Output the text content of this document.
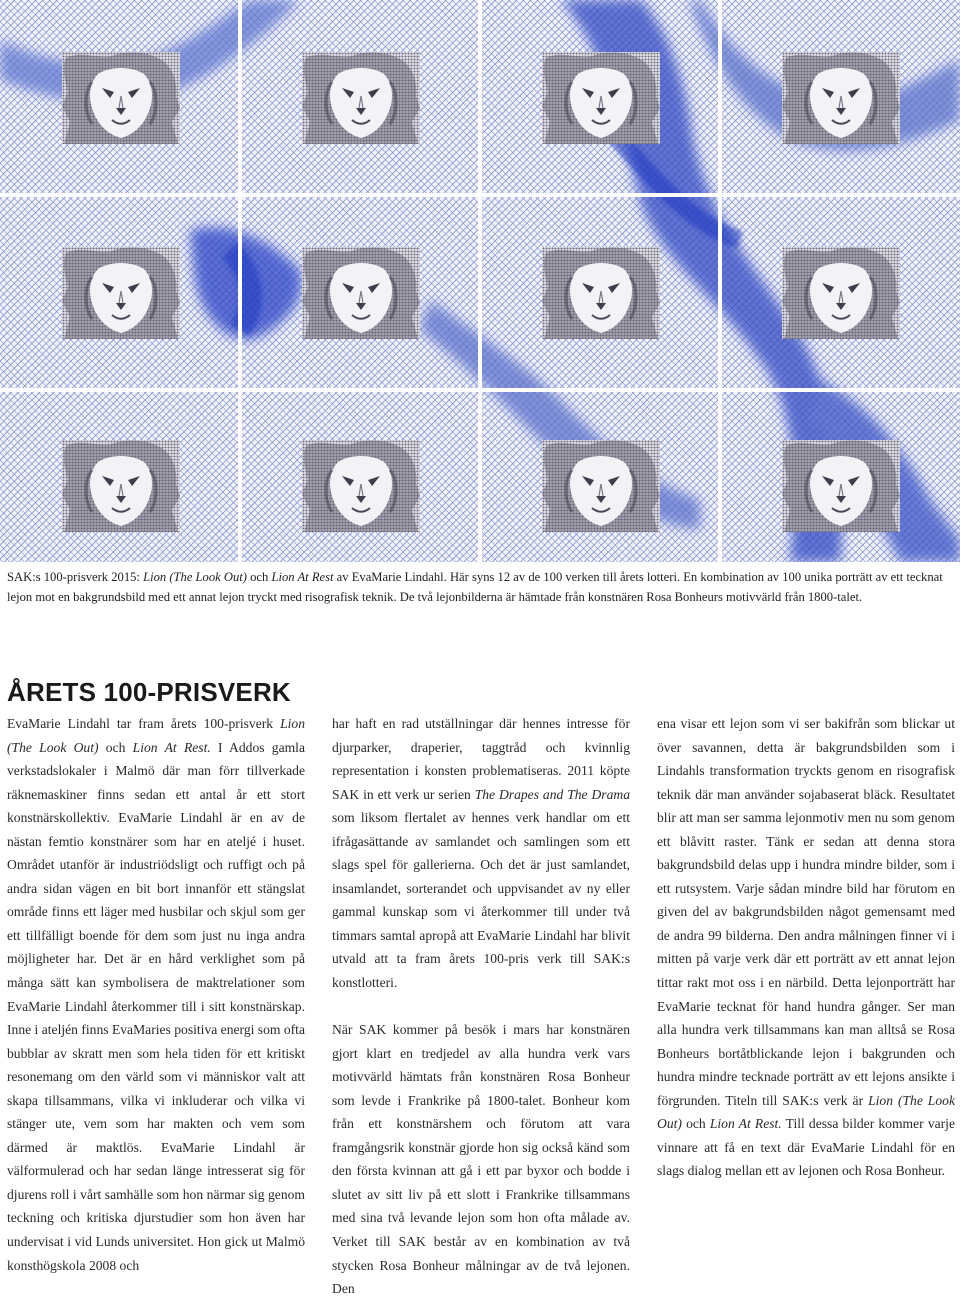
SAK:s 100-prisverk 2015: Lion (The Look Out) och Lion At Rest av EvaMarie Lindahl. Här syns 12 av de 100 verken till årets lotteri. En kombination av 100 unika porträtt av ett tecknat lejon mot en bakgrundsbild med ett annat lejon tryckt med risografisk teknik. De två lejonbilderna är hämtade från konstnären Rosa Bonheurs motivvärld från 1800-talet.
ÅRETS 100-PRISVERK

EvaMarie Lindahl tar fram årets 100-prisverk Lion (The Look Out) och Lion At Rest. I Addos gamla verkstadslokaler i Malmö där man förr tillverkade räknemaskiner finns sedan ett antal år ett stort konstnärskollektiv. EvaMarie Lindahl är en av de nästan femtio konstnärer som har en ateljé i huset. Området utanför är industriödsligt och ruffigt och på andra sidan vägen en bit bort innanför ett stängslat område finns ett läger med husbilar och skjul som ger ett tillfälligt boende för dem som just nu inga andra möjligheter har. Det är en hård verklighet som på många sätt kan symbolisera de maktrelationer som EvaMarie Lindahl återkommer till i sitt konstnärskap. Inne i ateljén finns EvaMaries positiva energi som ofta bubblar av skratt men som hela tiden för ett kritiskt resonemang om den värld som vi människor valt att skapa tillsammans, vilka vi inkluderar och vilka vi stänger ute, vem som har makten och vem som därmed är maktlös. EvaMarie Lindahl är välformulerad och har sedan länge intresserat sig för djurens roll i vårt samhälle som hon närmar sig genom teckning och kritiska djurstudier som hon även har undervisat i vid Lunds universitet. Hon gick ut Malmö konsthögskola 2008 och

har haft en rad utställningar där hennes intresse för djurparker, draperier, taggtråd och kvinnlig representation i konsten problematiseras. 2011 köpte SAK in ett verk ur serien The Drapes and The Drama som liksom flertalet av hennes verk handlar om ett ifrågasättande av samlandet och samlingen som ett slags spel för gallerierna. Och det är just samlandet, insamlandet, sorterandet och uppvisandet av ny eller gammal kunskap som vi återkommer till under två timmars samtal apropå att EvaMarie Lindahl har blivit utvald att ta fram årets 100-pris verk till SAK:s konstlotteri.

När SAK kommer på besök i mars har konstnären gjort klart en tredjedel av alla hundra verk vars motivvärld hämtats från konstnären Rosa Bonheur som levde i Frankrike på 1800-talet. Bonheur kom från ett konstnärshem och förutom att vara framgångsrik konstnär gjorde hon sig också känd som den första kvinnan att gå i ett par byxor och bodde i slutet av sitt liv på ett slott i Frankrike tillsammans med sina två levande lejon som hon ofta målade av. Verket till SAK består av en kombination av två stycken Rosa Bonheur målningar av de två lejonen. Den

ena visar ett lejon som vi ser bakifrån som blickar ut över savannen, detta är bakgrundsbilden som i Lindahls transformation tryckts genom en risografisk teknik där man använder sojabaserat bläck. Resultatet blir att man ser samma lejonmotiv men nu som genom ett blåvitt raster. Tänk er sedan att denna stora bakgrundsbild delas upp i hundra mindre bilder, som i ett rutsystem. Varje sådan mindre bild har förutom en given del av bakgrundsbilden något gemensamt med de andra 99 bilderna. Den andra målningen finner vi i mitten på varje verk där ett porträtt av ett annat lejon tittar rakt mot oss i en närbild. Detta lejonporträtt har EvaMarie tecknat för hand hundra gånger. Ser man alla hundra verk tillsammans kan man alltså se Rosa Bonheurs bortåtblickande lejon i bakgrunden och hundra mindre tecknade porträtt av ett lejons ansikte i förgrunden. Titeln till SAK:s verk är Lion (The Look Out) och Lion At Rest. Till dessa bilder kommer varje vinnare att få en text där EvaMarie Lindahl för en slags dialog mellan ett av lejonen och Rosa Bonheur.
